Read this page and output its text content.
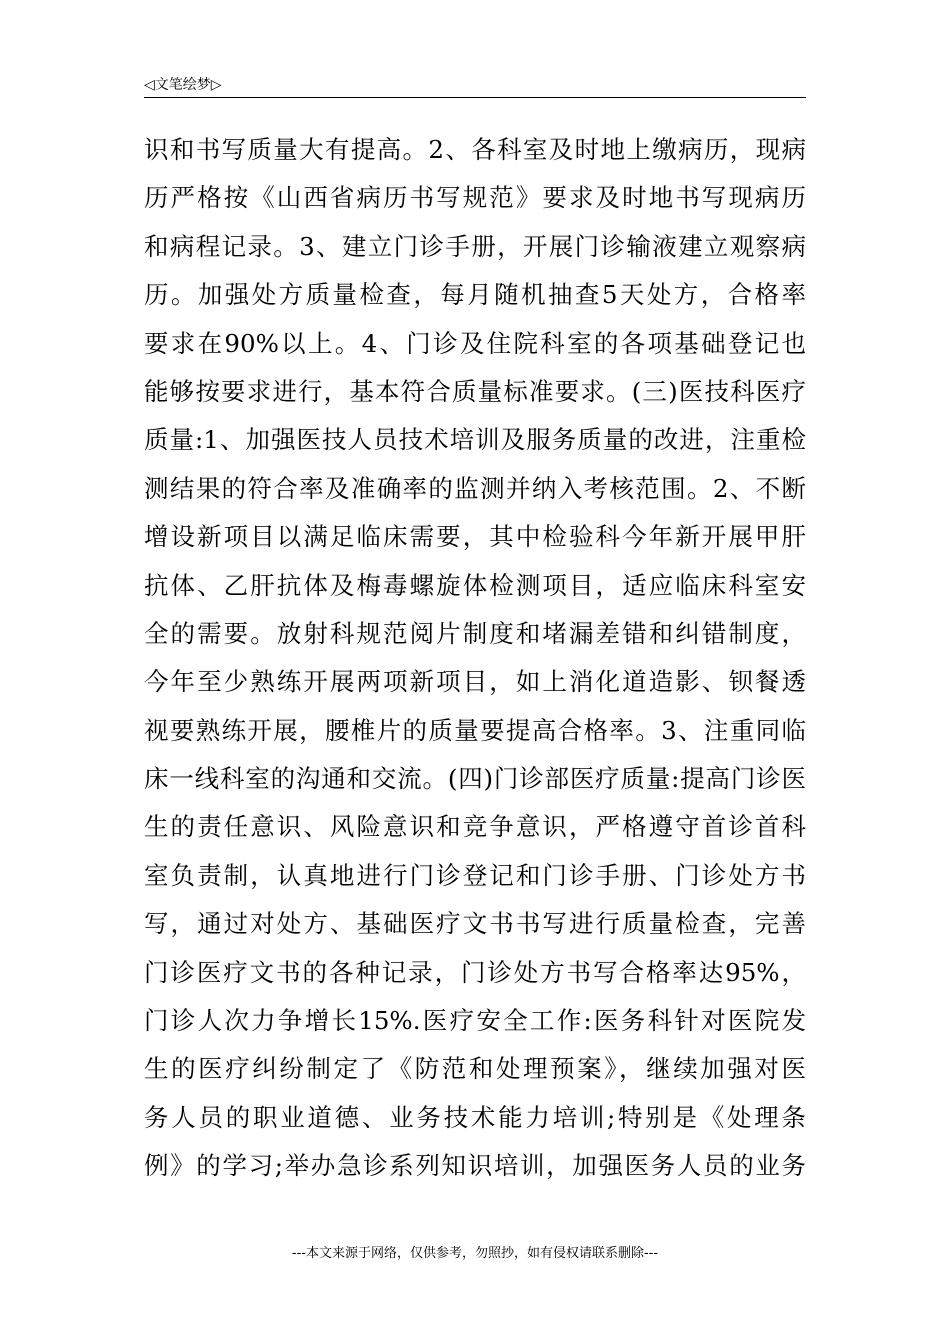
◁文笔绘梦▷
识和书写质量大有提高。2、各科室及时地上缴病历，现病
历严格按《山西省病历书写规范》要求及时地书写现病历
和病程记录。3、建立门诊手册，开展门诊输液建立观察病
历。加强处方质量检查，每月随机抽查5天处方，合格率
要求在90%以上。4、门诊及住院科室的各项基础登记也
能够按要求进行，基本符合质量标准要求。(三)医技科医疗
质量:1、加强医技人员技术培训及服务质量的改进，注重检
测结果的符合率及准确率的监测并纳入考核范围。2、不断
增设新项目以满足临床需要，其中检验科今年新开展甲肝
抗体、乙肝抗体及梅毒螺旋体检测项目，适应临床科室安
全的需要。放射科规范阅片制度和堵漏差错和纠错制度，
今年至少熟练开展两项新项目，如上消化道造影、钡餐透
视要熟练开展，腰椎片的质量要提高合格率。3、注重同临
床一线科室的沟通和交流。(四)门诊部医疗质量:提高门诊医
生的责任意识、风险意识和竞争意识，严格遵守首诊首科
室负责制，认真地进行门诊登记和门诊手册、门诊处方书
写，通过对处方、基础医疗文书书写进行质量检查，完善
门诊医疗文书的各种记录，门诊处方书写合格率达95%，
门诊人次力争增长15%.医疗安全工作:医务科针对医院发
生的医疗纠纷制定了《防范和处理预案》，继续加强对医
务人员的职业道德、业务技术能力培训;特别是《处理条
例》的学习;举办急诊系列知识培训，加强医务人员的业务
---本文来源于网络，仅供参考，勿照抄，如有侵权请联系删除---
